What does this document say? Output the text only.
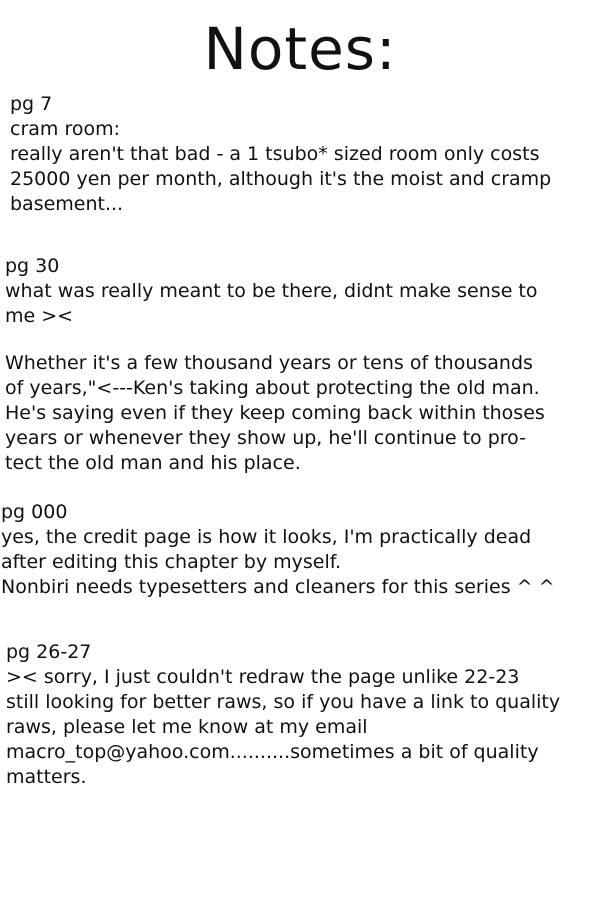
Notes:
pg 7
cram room:
really aren't that bad - a 1 tsubo* sized room only costs
25000 yen per month, although it's the moist and cramp
basement...
pg 30
what was really meant to be there, didnt make sense to
me ><
Whether it's a few thousand years or tens of thousands
of years,"<---Ken's taking about protecting the old man.
He's saying even if they keep coming back within thoses
years or whenever they show up, he'll continue to pro-
tect the old man and his place.
pg 000
yes, the credit page is how it looks, I'm practically dead
after editing this chapter by myself.
Nonbiri needs typesetters and cleaners for this series ^ ^
pg 26-27
>< sorry, I just couldn't redraw the page unlike 22-23
still looking for better raws, so if you have a link to quality
raws, please let me know at my email
macro_top@yahoo.com..........sometimes a bit of quality
matters.
